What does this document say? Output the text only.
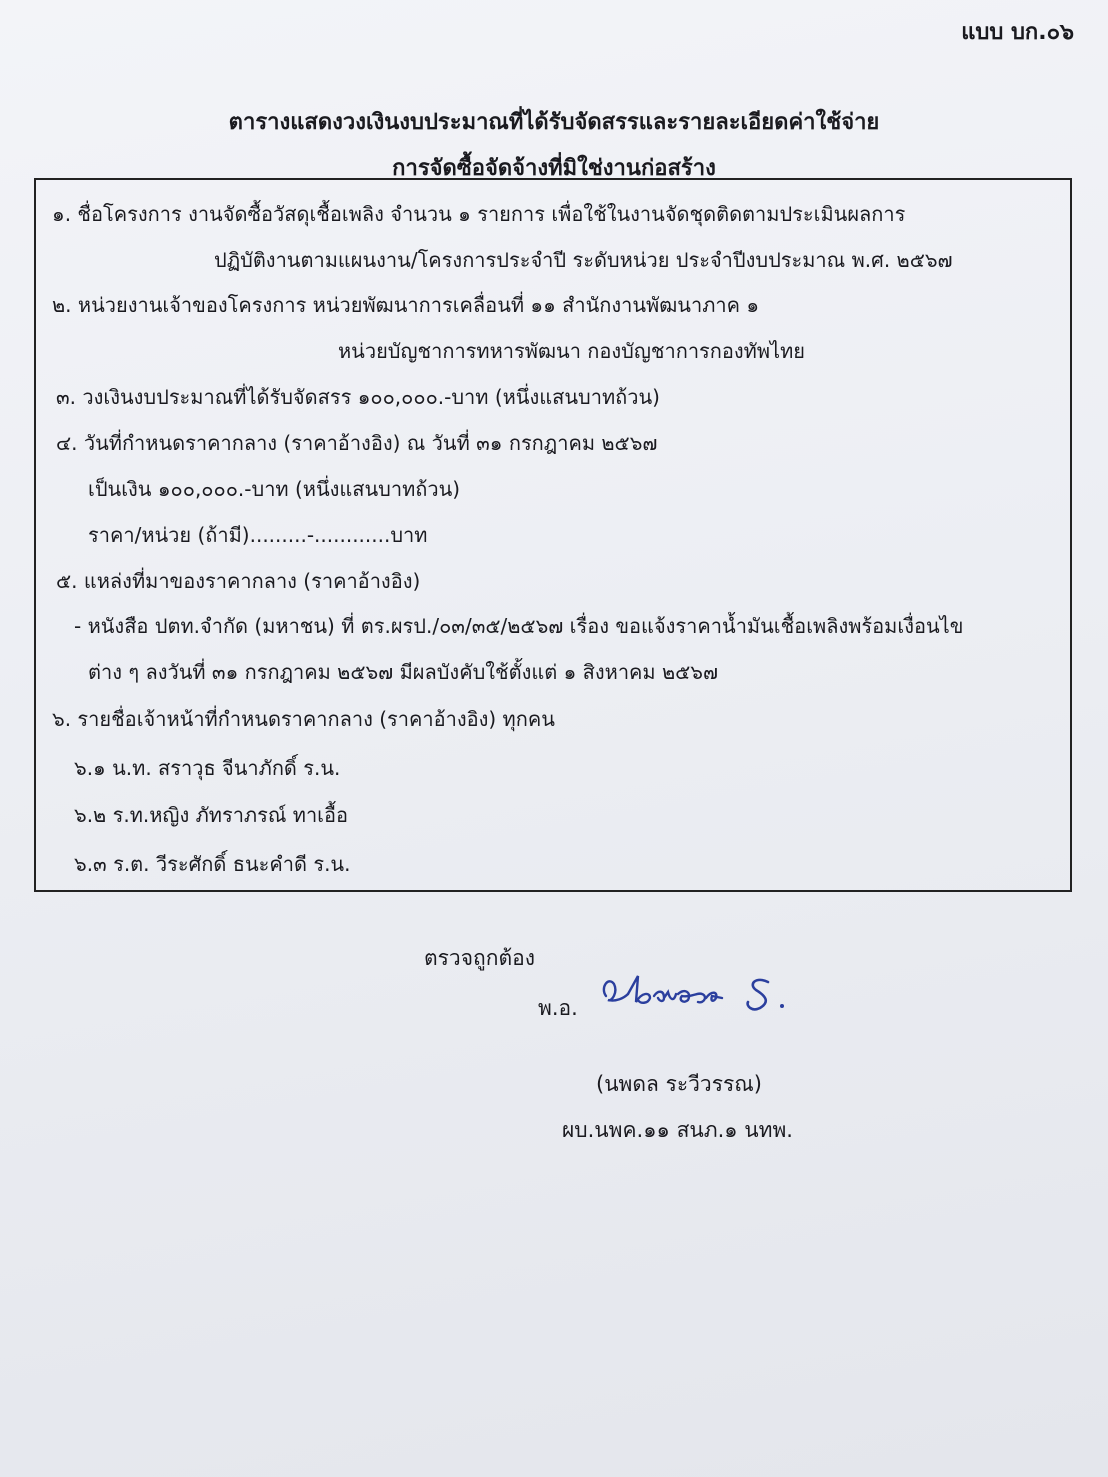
แบบ บก.๐๖
ตารางแสดงวงเงินงบประมาณที่ได้รับจัดสรรและรายละเอียดค่าใช้จ่าย
การจัดซื้อจัดจ้างที่มิใช่งานก่อสร้าง
๑. ชื่อโครงการ งานจัดซื้อวัสดุเชื้อเพลิง จำนวน ๑ รายการ เพื่อใช้ในงานจัดชุดติดตามประเมินผลการ
ปฏิบัติงานตามแผนงาน/โครงการประจำปี ระดับหน่วย ประจำปีงบประมาณ พ.ศ. ๒๕๖๗
๒. หน่วยงานเจ้าของโครงการ หน่วยพัฒนาการเคลื่อนที่ ๑๑ สำนักงานพัฒนาภาค ๑
หน่วยบัญชาการทหารพัฒนา กองบัญชาการกองทัพไทย
๓. วงเงินงบประมาณที่ได้รับจัดสรร ๑๐๐,๐๐๐.-บาท (หนึ่งแสนบาทถ้วน)
๔. วันที่กำหนดราคากลาง (ราคาอ้างอิง) ณ วันที่ ๓๑ กรกฎาคม ๒๕๖๗
เป็นเงิน ๑๐๐,๐๐๐.-บาท (หนึ่งแสนบาทถ้วน)
ราคา/หน่วย (ถ้ามี).........-............บาท
๕. แหล่งที่มาของราคากลาง (ราคาอ้างอิง)
- หนังสือ ปตท.จำกัด (มหาชน) ที่ ตร.ผรป./๐๓/๓๕/๒๕๖๗ เรื่อง ขอแจ้งราคาน้ำมันเชื้อเพลิงพร้อมเงื่อนไข
ต่าง ๆ ลงวันที่ ๓๑ กรกฎาคม ๒๕๖๗ มีผลบังคับใช้ตั้งแต่ ๑ สิงหาคม ๒๕๖๗
๖. รายชื่อเจ้าหน้าที่กำหนดราคากลาง (ราคาอ้างอิง) ทุกคน
๖.๑ น.ท. สราวุธ จีนาภักดิ์ ร.น.
๖.๒ ร.ท.หญิง ภัทราภรณ์ ทาเอื้อ
๖.๓ ร.ต. วีระศักดิ์ ธนะคำดี ร.น.
ตรวจถูกต้อง
พ.อ.
(นพดล ระวีวรรณ)
ผบ.นพค.๑๑ สนภ.๑ นทพ.
